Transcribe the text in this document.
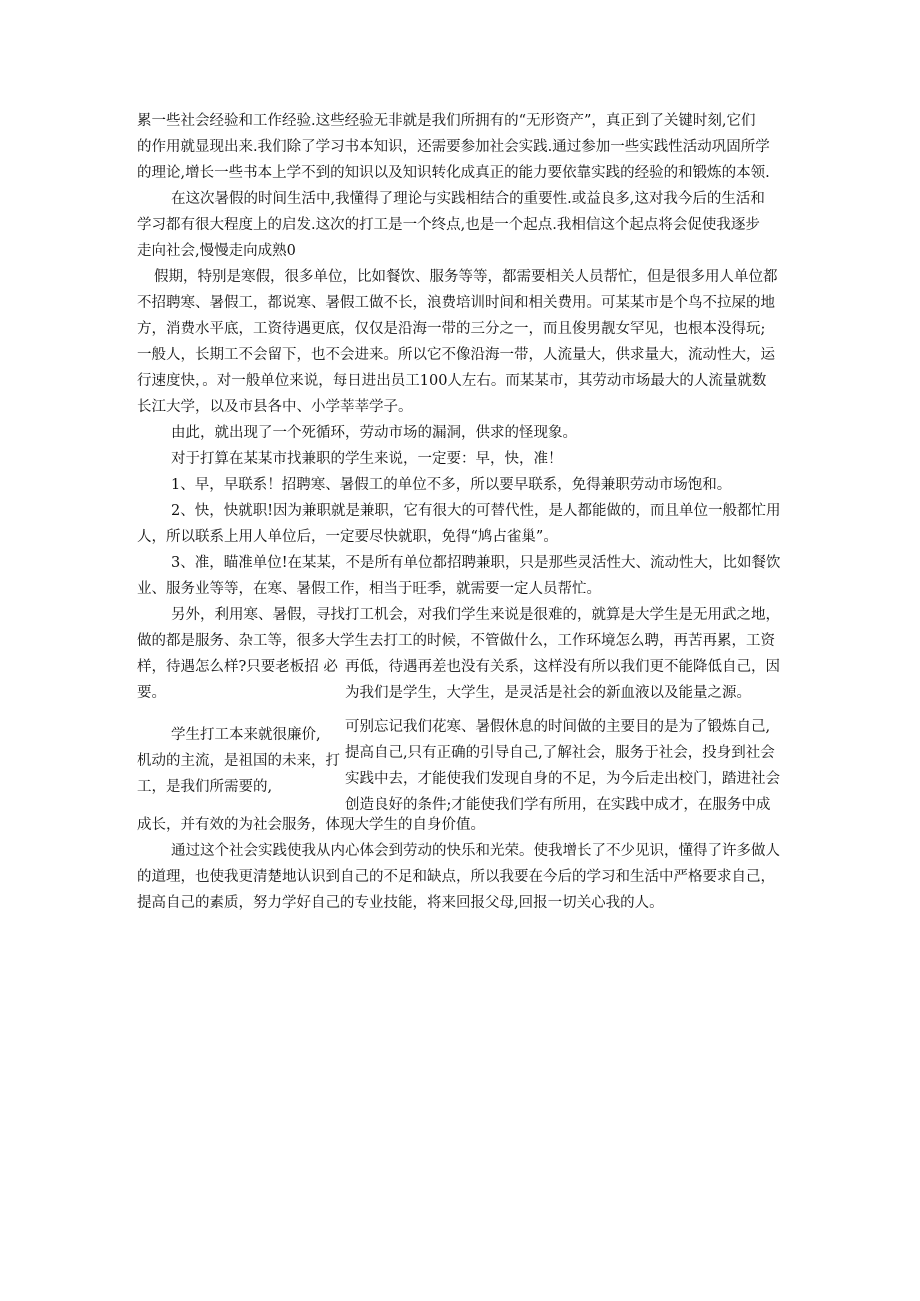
累一些社会经验和工作经验.这些经验无非就是我们所拥有的“无形资产”，真正到了关键时刻,它们
的作用就显现出来.我们除了学习书本知识，还需要参加社会实践.通过参加一些实践性活动巩固所学
的理论,增长一些书本上学不到的知识以及知识转化成真正的能力要依靠实践的经验的和锻炼的本领.
在这次暑假的时间生活中,我懂得了理论与实践相结合的重要性.或益良多,这对我今后的生活和
学习都有很大程度上的启发.这次的打工是一个终点,也是一个起点.我相信这个起点将会促使我逐步
走向社会,慢慢走向成熟0
假期，特别是寒假，很多单位，比如餐饮、服务等等，都需要相关人员帮忙，但是很多用人单位都
不招聘寒、暑假工，都说寒、暑假工做不长，浪费培训时间和相关费用。可某某市是个鸟不拉屎的地
方，消费水平底，工资待遇更底，仅仅是沿海一带的三分之一，而且俊男靓女罕见，也根本没得玩;
一般人，长期工不会留下，也不会进来。所以它不像沿海一带，人流量大，供求量大，流动性大，运
行速度快，。对一般单位来说，每日进出员工100人左右。而某某市，其劳动市场最大的人流量就数
长江大学，以及市县各中、小学莘莘学子。
由此，就出现了一个死循环，劳动市场的漏洞，供求的怪现象。
对于打算在某某市找兼职的学生来说，一定要：早，快，准！
1、早，早联系！招聘寒、暑假工的单位不多，所以要早联系，免得兼职劳动市场饱和。
2、快，快就职!因为兼职就是兼职，它有很大的可替代性，是人都能做的，而且单位一般都忙用
人，所以联系上用人单位后，一定要尽快就职，免得“鸠占雀巢”。
3、准，瞄准单位!在某某，不是所有单位都招聘兼职，只是那些灵活性大、流动性大，比如餐饮
业、服务业等等，在寒、暑假工作，相当于旺季，就需要一定人员帮忙。
另外，利用寒、暑假，寻找打工机会，对我们学生来说是很难的，就算是大学生是无用武之地，
做的都是服务、杂工等，很多大学生去打工的时候，不管做什么，工作环境怎么聘，再苦再累，工资
样，待遇怎么样?只要老板招 必
要。
学生打工本来就很廉价,
机动的主流，是祖国的未来，打
工，是我们所需要的,
再低，待遇再差也没有关系，这样没有所以我们更不能降低自己，因
为我们是学生，大学生，是灵活是社会的新血液以及能量之源。
可别忘记我们花寒、暑假休息的时间做的主要目的是为了锻炼自己,
提高自己,只有正确的引导自己,了解社会，服务于社会，投身到社会
实践中去，才能使我们发现自身的不足，为今后走出校门，踏进社会
创造良好的条件;才能使我们学有所用，在实践中成才，在服务中成
成长，并有效的为社会服务，体现大学生的自身价值。
通过这个社会实践使我从内心体会到劳动的快乐和光荣。使我增长了不少见识，懂得了许多做人
的道理，也使我更清楚地认识到自己的不足和缺点，所以我要在今后的学习和生活中严格要求自己，
提高自己的素质，努力学好自己的专业技能，将来回报父母,回报一切关心我的人。
